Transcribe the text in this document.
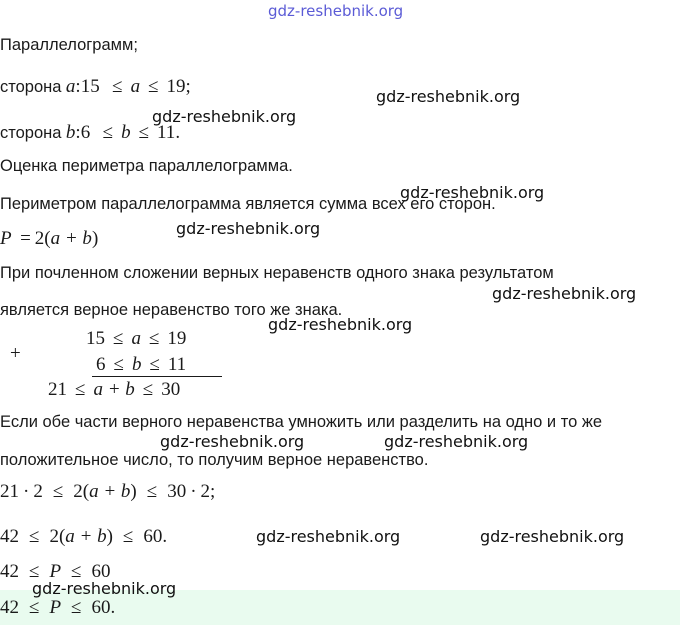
gdz-reshebnik.org
Параллелограмм;
сторона a:15 ≤ a ≤ 19;	gdz-reshebnik.org
gdz-reshebnik.org
сторона b:6 ≤ b ≤ 11.
Оценка периметра параллелограмма.
gdz-reshebnik.org
Периметром параллелограмма является сумма всех его сторон.
P = 2(a + b)	gdz-reshebnik.org
При почленном сложении верных неравенств одного знака результатом
gdz-reshebnik.org
является верное неравенство того же знака.
gdz-reshebnik.org
+
15 ≤ a ≤ 19
6 ≤ b ≤ 11
21 ≤ a + b ≤ 30
Если обе части верного неравенства умножить или разделить на одно и то же
gdz-reshebnik.org	gdz-reshebnik.org
положительное число, то получим верное неравенство.
21 · 2 ≤ 2(a + b) ≤ 30 · 2;
42 ≤ 2(a + b) ≤ 60.	gdz-reshebnik.org	gdz-reshebnik.org
42 ≤ P ≤ 60
gdz-reshebnik.org
42 ≤ P ≤ 60.
